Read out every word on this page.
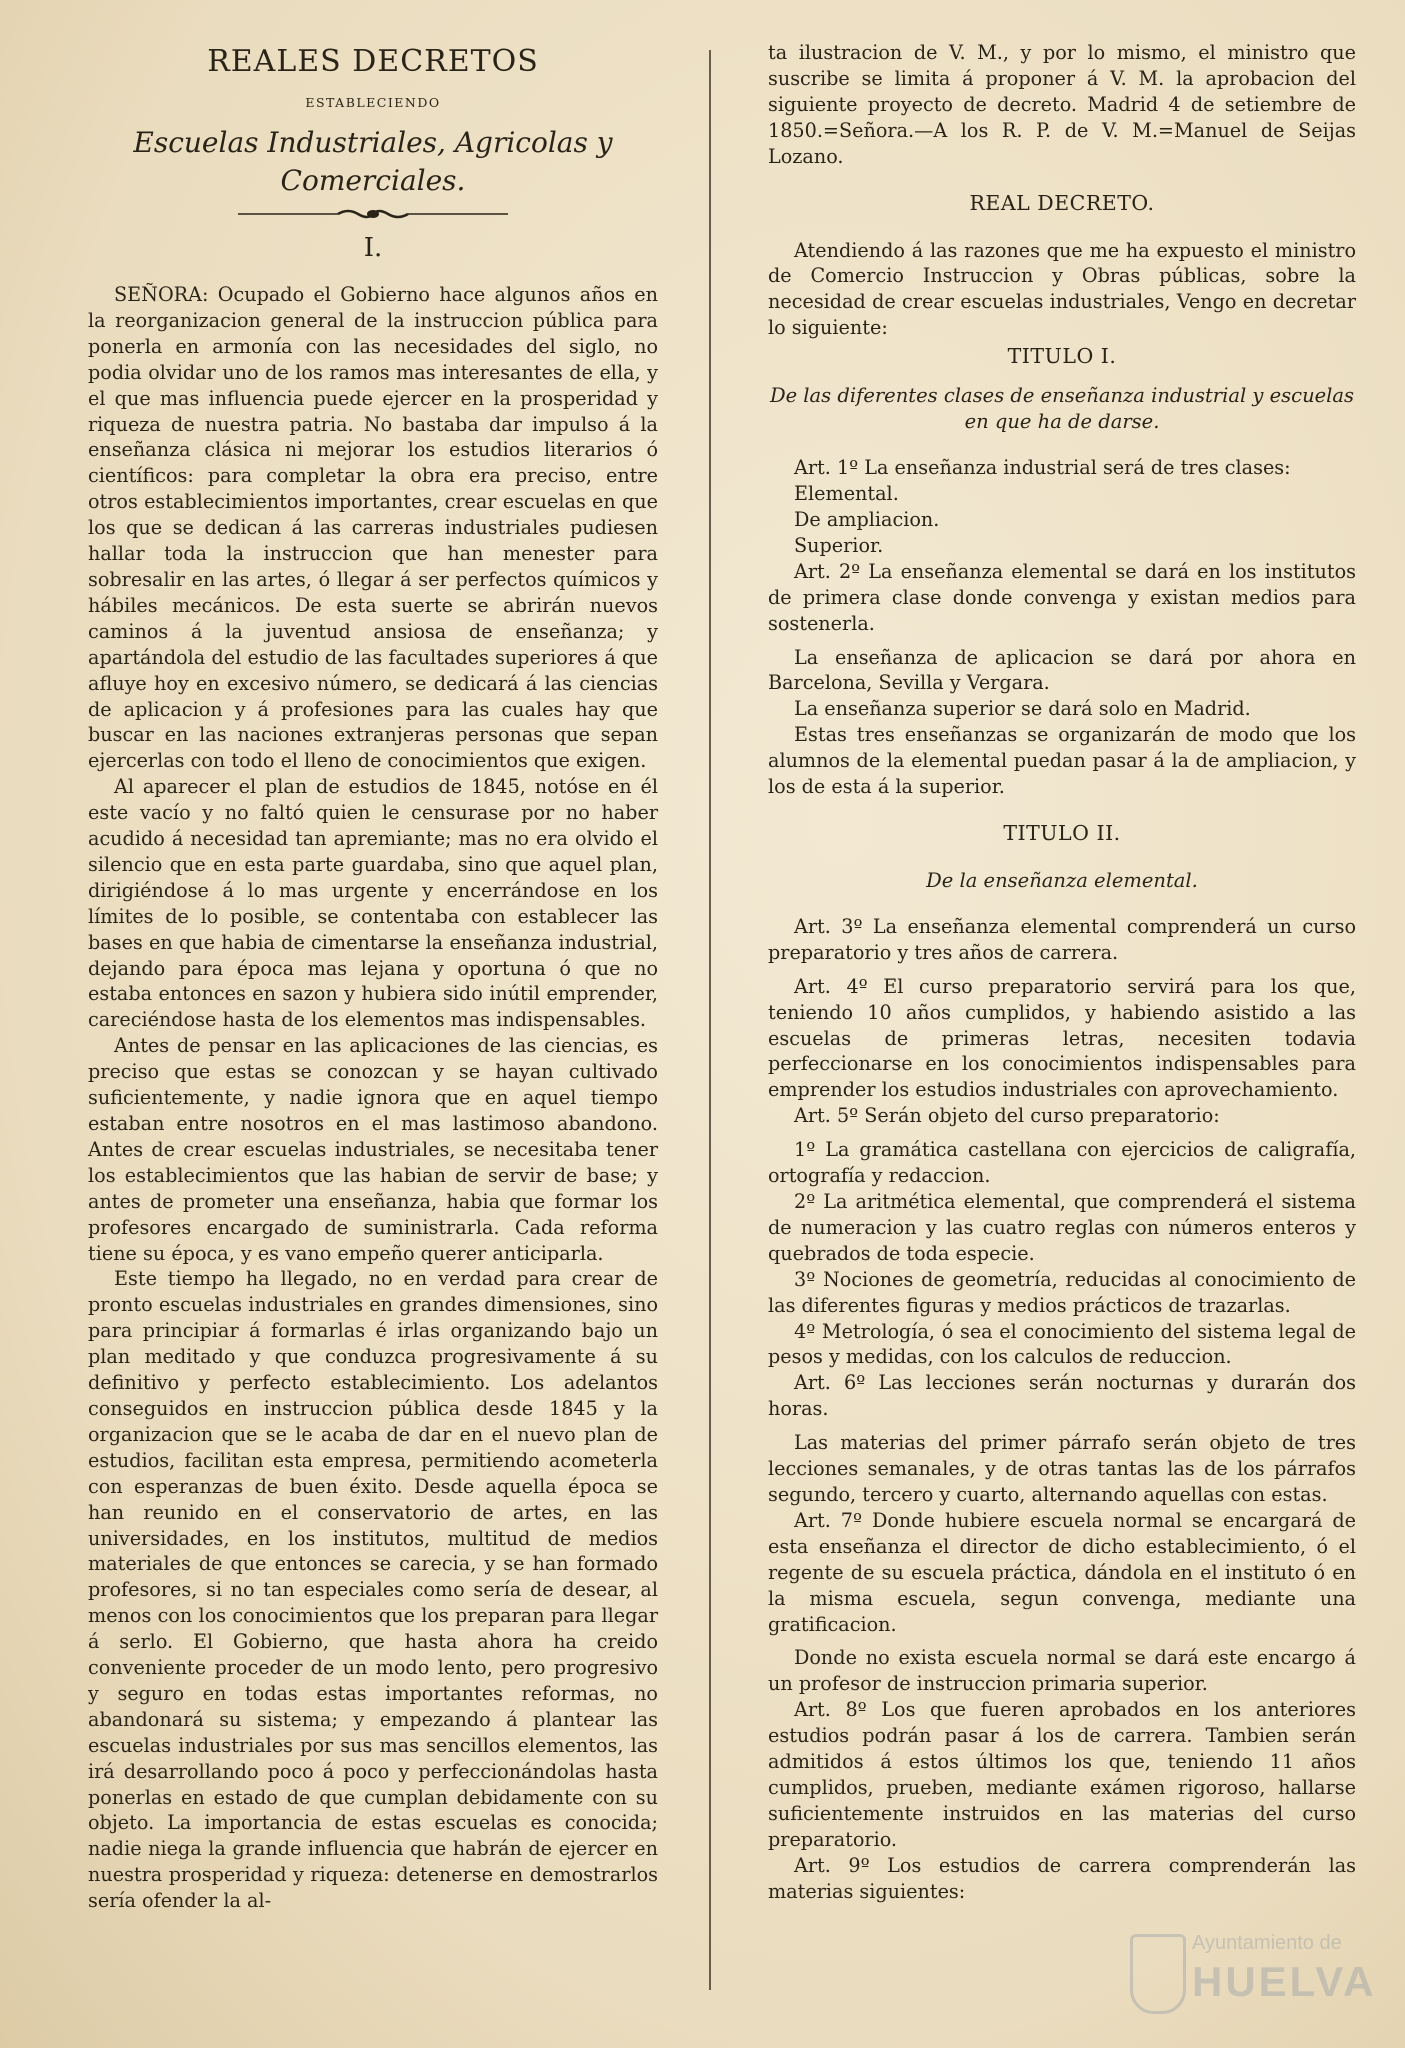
REALES DECRETOS
ESTABLECIENDO
Escuelas Industriales, Agricolas y Comerciales.
I.

SEÑORA: Ocupado el Gobierno hace algunos años en la reorganizacion general de la instruccion pública para ponerla en armonía con las necesidades del siglo, no podia olvidar uno de los ramos mas interesantes de ella, y el que mas influencia puede ejercer en la prosperidad y riqueza de nuestra patria. No bastaba dar impulso á la enseñanza clásica ni mejorar los estudios literarios ó científicos: para completar la obra era preciso, entre otros establecimientos importantes, crear escuelas en que los que se dedican á las carreras industriales pudiesen hallar toda la instruccion que han menester para sobresalir en las artes, ó llegar á ser perfectos químicos y hábiles mecánicos. De esta suerte se abrirán nuevos caminos á la juventud ansiosa de enseñanza; y apartándola del estudio de las facultades superiores á que afluye hoy en excesivo número, se dedicará á las ciencias de aplicacion y á profesiones para las cuales hay que buscar en las naciones extranjeras personas que sepan ejercerlas con todo el lleno de conocimientos que exigen.

Al aparecer el plan de estudios de 1845, notóse en él este vacío y no faltó quien le censurase por no haber acudido á necesidad tan apremiante; mas no era olvido el silencio que en esta parte guardaba, sino que aquel plan, dirigiéndose á lo mas urgente y encerrándose en los límites de lo posible, se contentaba con establecer las bases en que habia de cimentarse la enseñanza industrial, dejando para época mas lejana y oportuna ó que no estaba entonces en sazon y hubiera sido inútil emprender, careciéndose hasta de los elementos mas indispensables.

Antes de pensar en las aplicaciones de las ciencias, es preciso que estas se conozcan y se hayan cultivado suficientemente, y nadie ignora que en aquel tiempo estaban entre nosotros en el mas lastimoso abandono. Antes de crear escuelas industriales, se necesitaba tener los establecimientos que las habian de servir de base; y antes de prometer una enseñanza, habia que formar los profesores encargado de suministrarla. Cada reforma tiene su época, y es vano empeño querer anticiparla.

Este tiempo ha llegado, no en verdad para crear de pronto escuelas industriales en grandes dimensiones, sino para principiar á formarlas é irlas organizando bajo un plan meditado y que conduzca progresivamente á su definitivo y perfecto establecimiento. Los adelantos conseguidos en instruccion pública desde 1845 y la organizacion que se le acaba de dar en el nuevo plan de estudios, facilitan esta empresa, permitiendo acometerla con esperanzas de buen éxito. Desde aquella época se han reunido en el conservatorio de artes, en las universidades, en los institutos, multitud de medios materiales de que entonces se carecia, y se han formado profesores, si no tan especiales como sería de desear, al menos con los conocimientos que los preparan para llegar á serlo. El Gobierno, que hasta ahora ha creido conveniente proceder de un modo lento, pero progresivo y seguro en todas estas importantes reformas, no abandonará su sistema; y empezando á plantear las escuelas industriales por sus mas sencillos elementos, las irá desarrollando poco á poco y perfeccionándolas hasta ponerlas en estado de que cumplan debidamente con su objeto. La importancia de estas escuelas es conocida; nadie niega la grande influencia que habrán de ejercer en nuestra prosperidad y riqueza: detenerse en demostrarlos sería ofender la al-

ta ilustracion de V. M., y por lo mismo, el ministro que suscribe se limita á proponer á V. M. la aprobacion del siguiente proyecto de decreto. Madrid 4 de setiembre de 1850.=Señora.—A los R. P. de V. M.=Manuel de Seijas Lozano.

REAL DECRETO.

Atendiendo á las razones que me ha expuesto el ministro de Comercio Instruccion y Obras públicas, sobre la necesidad de crear escuelas industriales, Vengo en decretar lo siguiente:

TITULO I.
De las diferentes clases de enseñanza industrial y escuelas en que ha de darse.

Art. 1º La enseñanza industrial será de tres clases:

Elemental.

De ampliacion.

Superior.

Art. 2º La enseñanza elemental se dará en los institutos de primera clase donde convenga y existan medios para sostenerla.

La enseñanza de aplicacion se dará por ahora en Barcelona, Sevilla y Vergara.

La enseñanza superior se dará solo en Madrid.

Estas tres enseñanzas se organizarán de modo que los alumnos de la elemental puedan pasar á la de ampliacion, y los de esta á la superior.

TITULO II.
De la enseñanza elemental.

Art. 3º La enseñanza elemental comprenderá un curso preparatorio y tres años de carrera.

Art. 4º El curso preparatorio servirá para los que, teniendo 10 años cumplidos, y habiendo asistido a las escuelas de primeras letras, necesiten todavia perfeccionarse en los conocimientos indispensables para emprender los estudios industriales con aprovechamiento.

Art. 5º Serán objeto del curso preparatorio:

1º La gramática castellana con ejercicios de caligrafía, ortografía y redaccion.

2º La aritmética elemental, que comprenderá el sistema de numeracion y las cuatro reglas con números enteros y quebrados de toda especie.

3º Nociones de geometría, reducidas al conocimiento de las diferentes figuras y medios prácticos de trazarlas.

4º Metrología, ó sea el conocimiento del sistema legal de pesos y medidas, con los calculos de reduccion.

Art. 6º Las lecciones serán nocturnas y durarán dos horas.

Las materias del primer párrafo serán objeto de tres lecciones semanales, y de otras tantas las de los párrafos segundo, tercero y cuarto, alternando aquellas con estas.

Art. 7º Donde hubiere escuela normal se encargará de esta enseñanza el director de dicho establecimiento, ó el regente de su escuela práctica, dándola en el instituto ó en la misma escuela, segun convenga, mediante una gratificacion.

Donde no exista escuela normal se dará este encargo á un profesor de instruccion primaria superior.

Art. 8º Los que fueren aprobados en los anteriores estudios podrán pasar á los de carrera. Tambien serán admitidos á estos últimos los que, teniendo 11 años cumplidos, prueben, mediante exámen rigoroso, hallarse suficientemente instruidos en las materias del curso preparatorio.

Art. 9º Los estudios de carrera comprenderán las materias siguientes:

Ayuntamiento de
HUELVA
